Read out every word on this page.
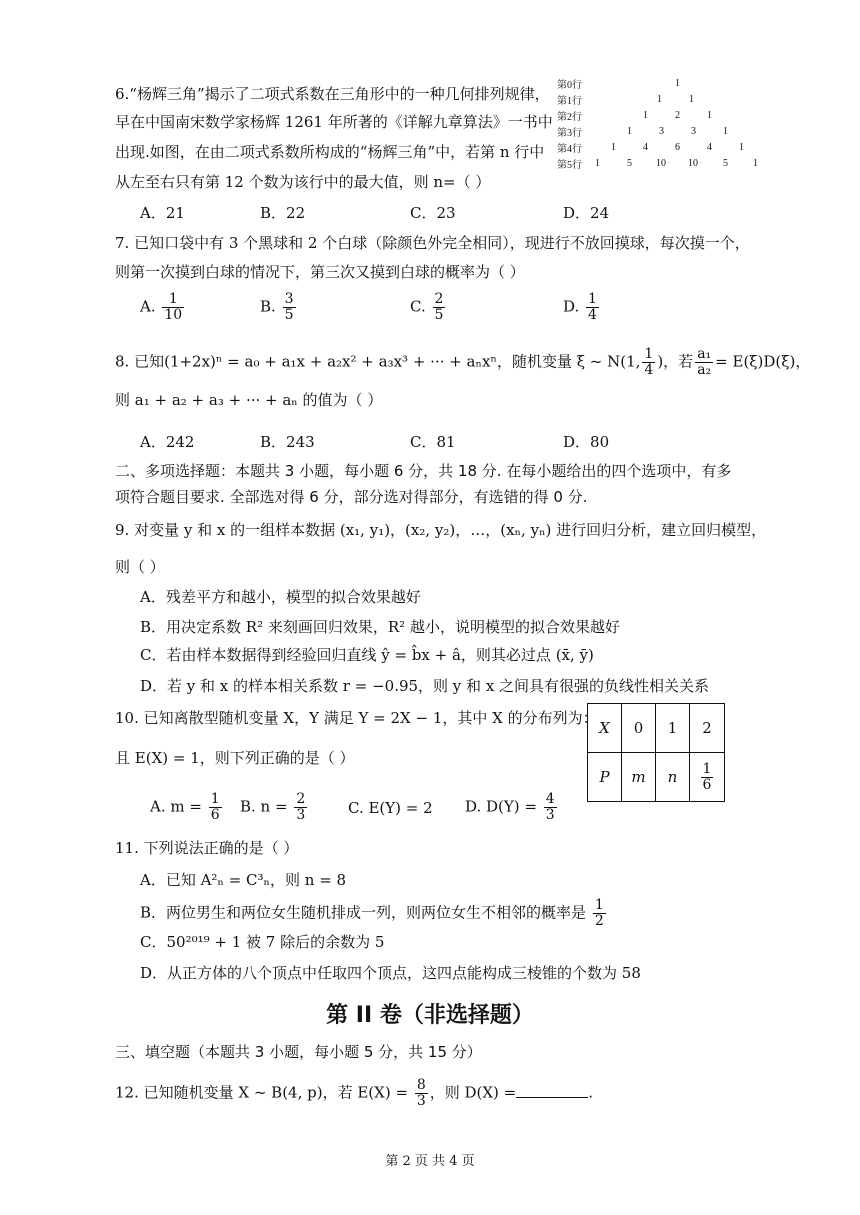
6.“杨辉三角”揭示了二项式系数在三角形中的一种几何排列规律，
早在中国南宋数学家杨辉 1261 年所著的《详解九章算法》一书中
出现.如图，在由二项式系数所构成的“杨辉三角”中，若第 n 行中
从左至右只有第 12 个数为该行中的最大值，则 n=（ ）
第0行
第1行
第2行
第3行
第4行
第5行
1
1	1
1	2	1
1	3	3	1
1	4	6	4	1
1	5 10 10	5	1
A．21	B．22	C．23	D．24
7. 已知口袋中有 3 个黑球和 2 个白球（除颜色外完全相同），现进行不放回摸球，每次摸一个，
则第一次摸到白球的情况下，第三次又摸到白球的概率为（ ）
A. $\frac{1}{10}$	B. $\frac{3}{5}$	C. $\frac{2}{5}$	D. $\frac{1}{4}$
8. 已知(1+2x)ⁿ = a₀ + a₁x + a₂x² + a₃x³ + ··· + aₙxⁿ，随机变量 ξ ~ N(1, $\frac{1}{4}$ )，若 $\frac{\text{a₁}}{\text{a₂}} = E(\xi)D(\xi)$，
则 a₁ + a₂ + a₃ + ··· + aₙ 的值为（ ）
A．242	B．243	C．81	D．80
二、多项选择题：本题共 3 小题，每小题 6 分，共 18 分. 在每小题给出的四个选项中，有多
项符合题目要求. 全部选对得 6 分，部分选对得部分，有选错的得 0 分.
9. 对变量 y 和 x 的一组样本数据 (x₁, y₁)，(x₂, y₂)，…，(xₙ, yₙ) 进行回归分析，建立回归模型，
则（ ）
A．残差平方和越小，模型的拟合效果越好
B．用决定系数 R² 来刻画回归效果，R² 越小，说明模型的拟合效果越好
C．若由样本数据得到经验回归直线 ŷ = b̂x + â，则其必过点 (x̄, ȳ)
D．若 y 和 x 的样本相关系数 r = −0.95，则 y 和 x 之间具有很强的负线性相关关系
10. 已知离散型随机变量 X，Y 满足 Y = 2X − 1，其中 X 的分布列为：
且 E(X) = 1，则下列正确的是（ ）
X	0	1	2
P	m	n	$\frac{1}{6}$
A. $m = \frac{1}{6} B$. $n = \frac{2}{3}$	C. E(Y) = 2 D. $D(Y) = \frac{4}{3}$
11. 下列说法正确的是（ ）
A．已知 A²ₙ = C³ₙ，则 n = 8
B．两位男生和两位女生随机排成一列，则两位女生不相邻的概率是 $\frac{1}{2}$
C．50²⁰¹⁹ + 1 被 7 除后的余数为 5
D．从正方体的八个顶点中任取四个顶点，这四点能构成三棱锥的个数为 58
第 II 卷（非选择题）
三、填空题（本题共 3 小题，每小题 5 分，共 15 分）
12. 已知随机变量 X ~ B(4, p)，若 $E(X) = \frac{8}{3}$ ，则 D(X) =	.
第 2 页 共 4 页
